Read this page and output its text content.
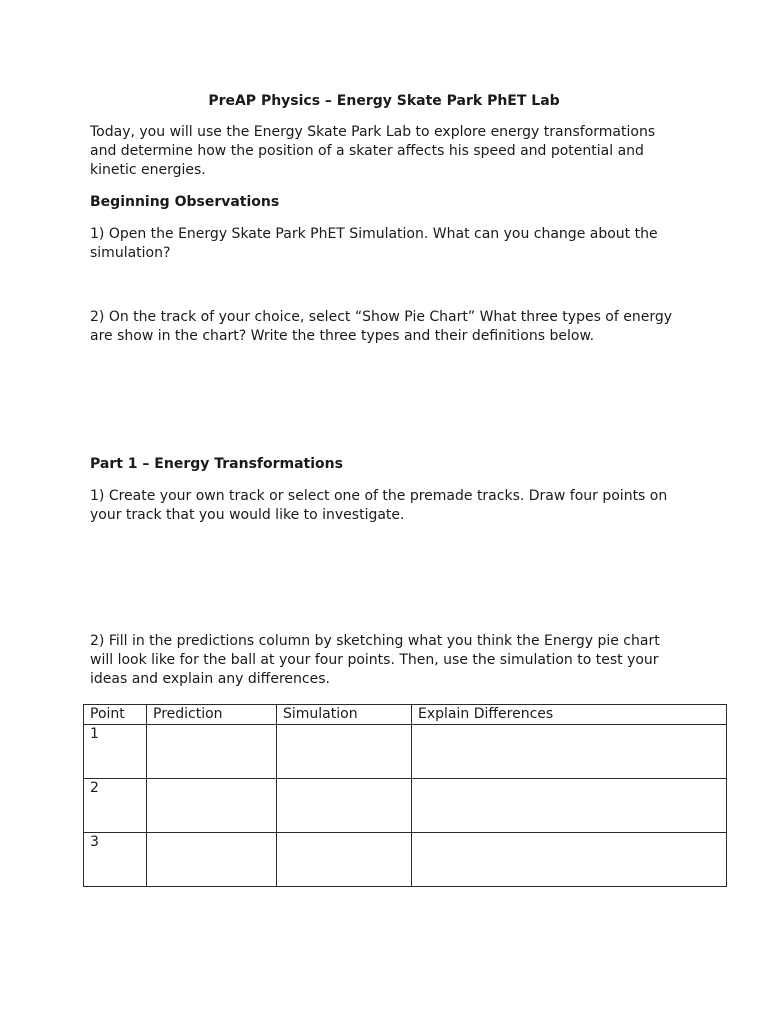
PreAP Physics – Energy Skate Park PhET Lab

Today, you will use the Energy Skate Park Lab to explore energy transformations
and determine how the position of a skater affects his speed and potential and
kinetic energies.

Beginning Observations

1) Open the Energy Skate Park PhET Simulation. What can you change about the
simulation?

2) On the track of your choice, select “Show Pie Chart” What three types of energy
are show in the chart? Write the three types and their definitions below.

Part 1 – Energy Transformations

1) Create your own track or select one of the premade tracks. Draw four points on
your track that you would like to investigate.

2) Fill in the predictions column by sketching what you think the Energy pie chart
will look like for the ball at your four points. Then, use the simulation to test your
ideas and explain any differences.

Point	Prediction	Simulation	Explain Differences
1			
2			
3			
